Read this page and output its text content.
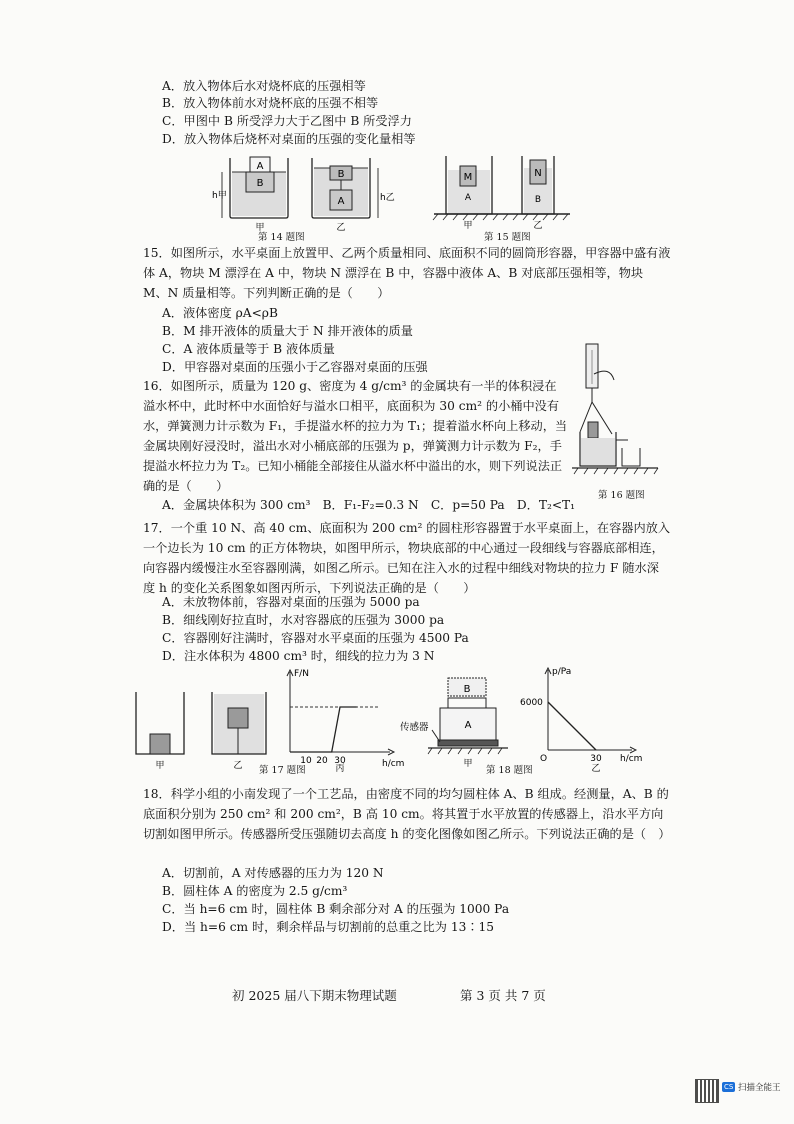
A．放入物体后水对烧杯底的压强相等
B．放入物体前水对烧杯底的压强不相等
C．甲图中 B 所受浮力大于乙图中 B 所受浮力
D．放入物体后烧杯对桌面的压强的变化量相等
A
B
h甲
B
A	h乙
甲	乙
第 14 题图
M
A
N
B
甲	乙
第 15 题图
15．如图所示，水平桌面上放置甲、乙两个质量相同、底面积不同的圆筒形容器，甲容器中盛有液体 A，物块 M 漂浮在 A 中，物块 N 漂浮在 B 中，容器中液体 A、B 对底部压强相等，物块 M、N 质量相等。下列判断正确的是（　　）
A．液体密度 ρA<ρB
B．M 排开液体的质量大于 N 排开液体的质量
C．A 液体质量等于 B 液体质量
D．甲容器对桌面的压强小于乙容器对桌面的压强
16．如图所示，质量为 120 g、密度为 4 g/cm³ 的金属块有一半的体积浸在溢水杯中，此时杯中水面恰好与溢水口相平，底面积为 30 cm² 的小桶中没有水，弹簧测力计示数为 F₁，手提溢水杯的拉力为 T₁；提着溢水杯向上移动，当金属块刚好浸没时，溢出水对小桶底部的压强为 p，弹簧测力计示数为 F₂，手提溢水杯拉力为 T₂。已知小桶能全部接住从溢水杯中溢出的水，则下列说法正确的是（　　）
A．金属块体积为 300 cm³　B．F₁-F₂=0.3 N　C．p=50 Pa　D．T₂<T₁
第 16 题图
17．一个重 10 N、高 40 cm、底面积为 200 cm² 的圆柱形容器置于水平桌面上，在容器内放入一个边长为 10 cm 的正方体物块，如图甲所示，物块底部的中心通过一段细线与容器底部相连，向容器内缓慢注水至容器刚满，如图乙所示。已知在注入水的过程中细线对物块的拉力 F 随水深度 h 的变化关系图象如图丙所示，下列说法正确的是（　　）
A．未放物体前，容器对桌面的压强为 5000 pa
B．细线刚好拉直时，水对容器底的压强为 3000 pa
C．容器刚好注满时，容器对水平桌面的压强为 4500 Pa
D．注水体积为 4800 cm³ 时，细线的拉力为 3 N
甲	乙
F/N
h/cm
10 20 30
丙
第 17 题图
B
A
传感器
甲
p/Pa
6000
O	30 h/cm
乙
第 18 题图
18．科学小组的小南发现了一个工艺品，由密度不同的均匀圆柱体 A、B 组成。经测量，A、B 的底面积分别为 250 cm² 和 200 cm²，B 高 10 cm。将其置于水平放置的传感器上，沿水平方向切割如图甲所示。传感器所受压强随切去高度 h 的变化图像如图乙所示。下列说法正确的是（　）
A．切割前，A 对传感器的压力为 120 N
B．圆柱体 A 的密度为 2.5 g/cm³
C．当 h=6 cm 时，圆柱体 B 剩余部分对 A 的压强为 1000 Pa
D．当 h=6 cm 时，剩余样品与切割前的总重之比为 13∶15
初 2025 届八下期末物理试题	第 3 页 共 7 页
CS 扫描全能王
